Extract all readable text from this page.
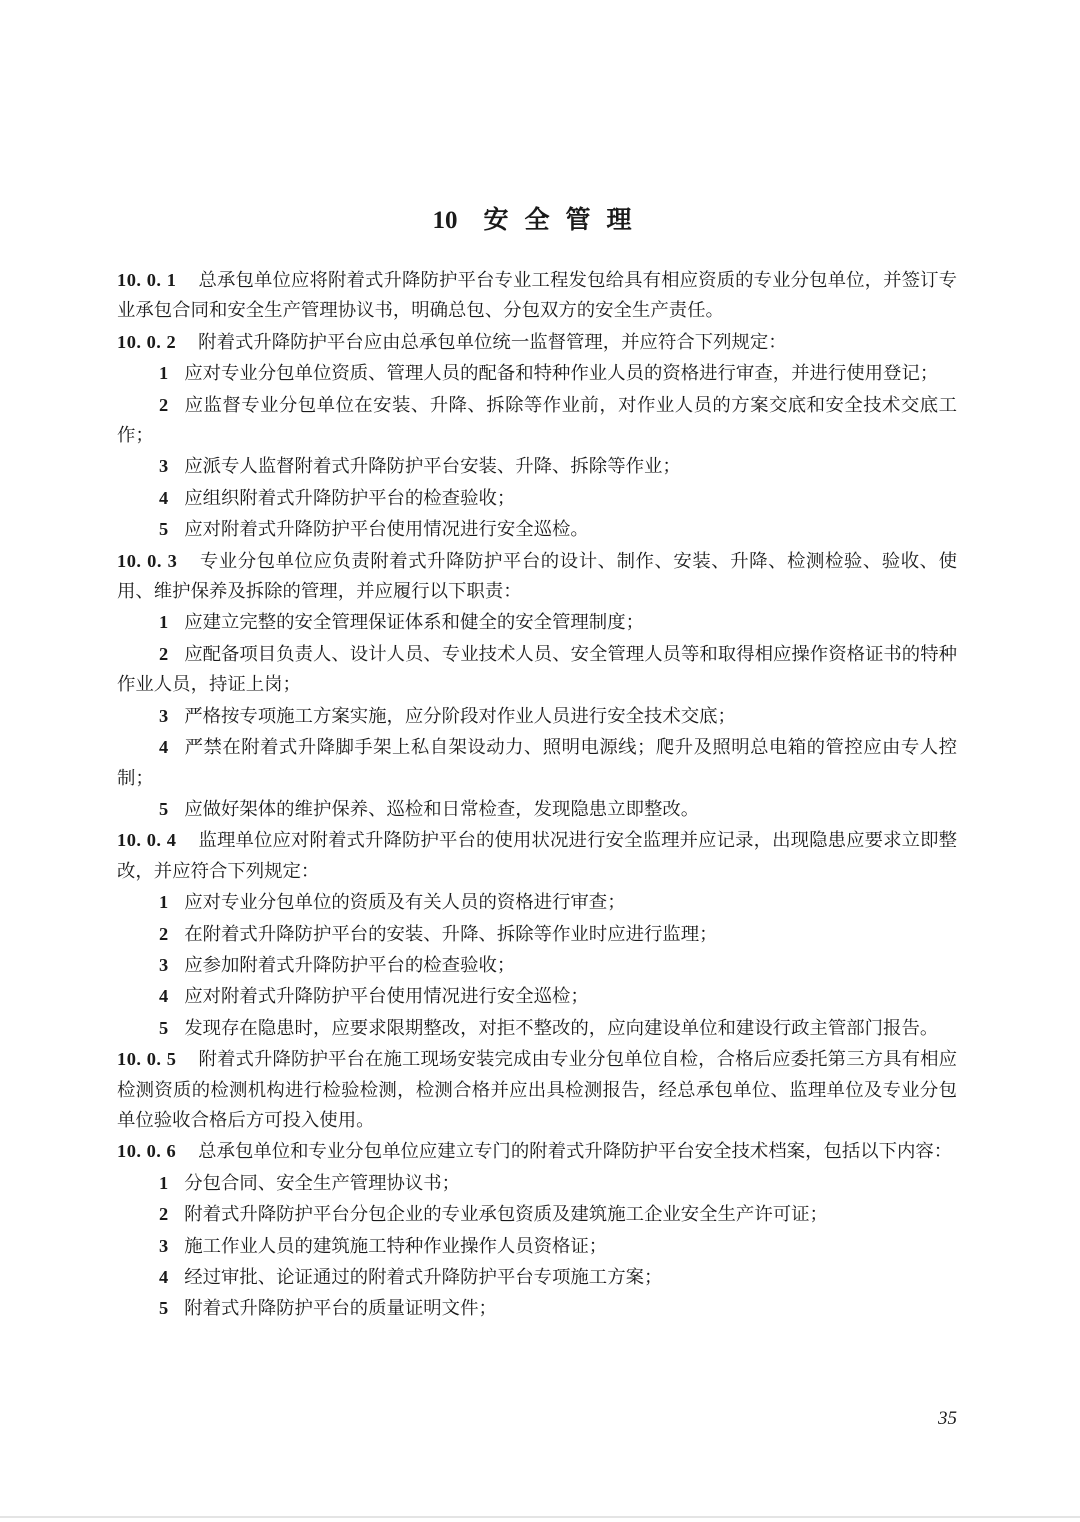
10 安全管理

10. 0. 1 总承包单位应将附着式升降防护平台专业工程发包给具有相应资质的专业分包单位，并签订专业承包合同和安全生产管理协议书，明确总包、分包双方的安全生产责任。

10. 0. 2 附着式升降防护平台应由总承包单位统一监督管理，并应符合下列规定：

1 应对专业分包单位资质、管理人员的配备和特种作业人员的资格进行审查，并进行使用登记；

2 应监督专业分包单位在安装、升降、拆除等作业前，对作业人员的方案交底和安全技术交底工作；

3 应派专人监督附着式升降防护平台安装、升降、拆除等作业；

4 应组织附着式升降防护平台的检查验收；

5 应对附着式升降防护平台使用情况进行安全巡检。

10. 0. 3 专业分包单位应负责附着式升降防护平台的设计、制作、安装、升降、检测检验、验收、使用、维护保养及拆除的管理，并应履行以下职责：

1 应建立完整的安全管理保证体系和健全的安全管理制度；

2 应配备项目负责人、设计人员、专业技术人员、安全管理人员等和取得相应操作资格证书的特种作业人员，持证上岗；

3 严格按专项施工方案实施，应分阶段对作业人员进行安全技术交底；

4 严禁在附着式升降脚手架上私自架设动力、照明电源线；爬升及照明总电箱的管控应由专人控制；

5 应做好架体的维护保养、巡检和日常检查，发现隐患立即整改。

10. 0. 4 监理单位应对附着式升降防护平台的使用状况进行安全监理并应记录，出现隐患应要求立即整改，并应符合下列规定：

1 应对专业分包单位的资质及有关人员的资格进行审查；

2 在附着式升降防护平台的安装、升降、拆除等作业时应进行监理；

3 应参加附着式升降防护平台的检查验收；

4 应对附着式升降防护平台使用情况进行安全巡检；

5 发现存在隐患时，应要求限期整改，对拒不整改的，应向建设单位和建设行政主管部门报告。

10. 0. 5 附着式升降防护平台在施工现场安装完成由专业分包单位自检，合格后应委托第三方具有相应检测资质的检测机构进行检验检测，检测合格并应出具检测报告，经总承包单位、监理单位及专业分包单位验收合格后方可投入使用。

10. 0. 6 总承包单位和专业分包单位应建立专门的附着式升降防护平台安全技术档案，包括以下内容：

1 分包合同、安全生产管理协议书；

2 附着式升降防护平台分包企业的专业承包资质及建筑施工企业安全生产许可证；

3 施工作业人员的建筑施工特种作业操作人员资格证；

4 经过审批、论证通过的附着式升降防护平台专项施工方案；

5 附着式升降防护平台的质量证明文件；

35
